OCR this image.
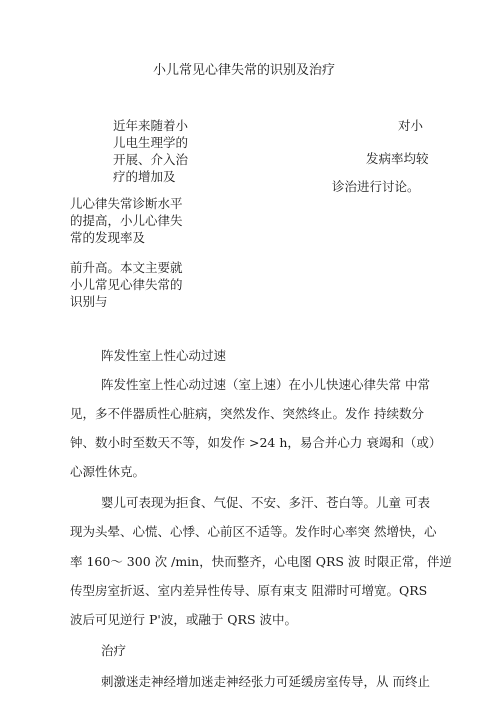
小儿常见心律失常的识别及治疗
近年来随着小
儿电生理学的
开展、介入治
疗的增加及
对小
发病率均较
诊治进行讨论。
儿心律失常诊断水平
的提高，小儿心律失
常的发现率及
前升高。本文主要就
小儿常见心律失常的
识别与
阵发性室上性心动过速
阵发性室上性心动过速（室上速）在小儿快速心律失常 中常
见，多不伴器质性心脏病，突然发作、突然终止。发作 持续数分
钟、数小时至数天不等，如发作 >24 h，易合并心力 衰竭和（或）
心源性休克。
婴儿可表现为拒食、气促、不安、多汗、苍白等。儿童 可表
现为头晕、心慌、心悸、心前区不适等。发作时心率突 然增快，心
率 160～ 300 次 /min，快而整齐，心电图 QRS 波 时限正常，伴逆
传型房室折返、室内差异性传导、原有束支 阻滞时可增宽。QRS
波后可见逆行 P'波，或融于 QRS 波中。
治疗
刺激迷走神经增加迷走神经张力可延缓房室传导，从 而终止
